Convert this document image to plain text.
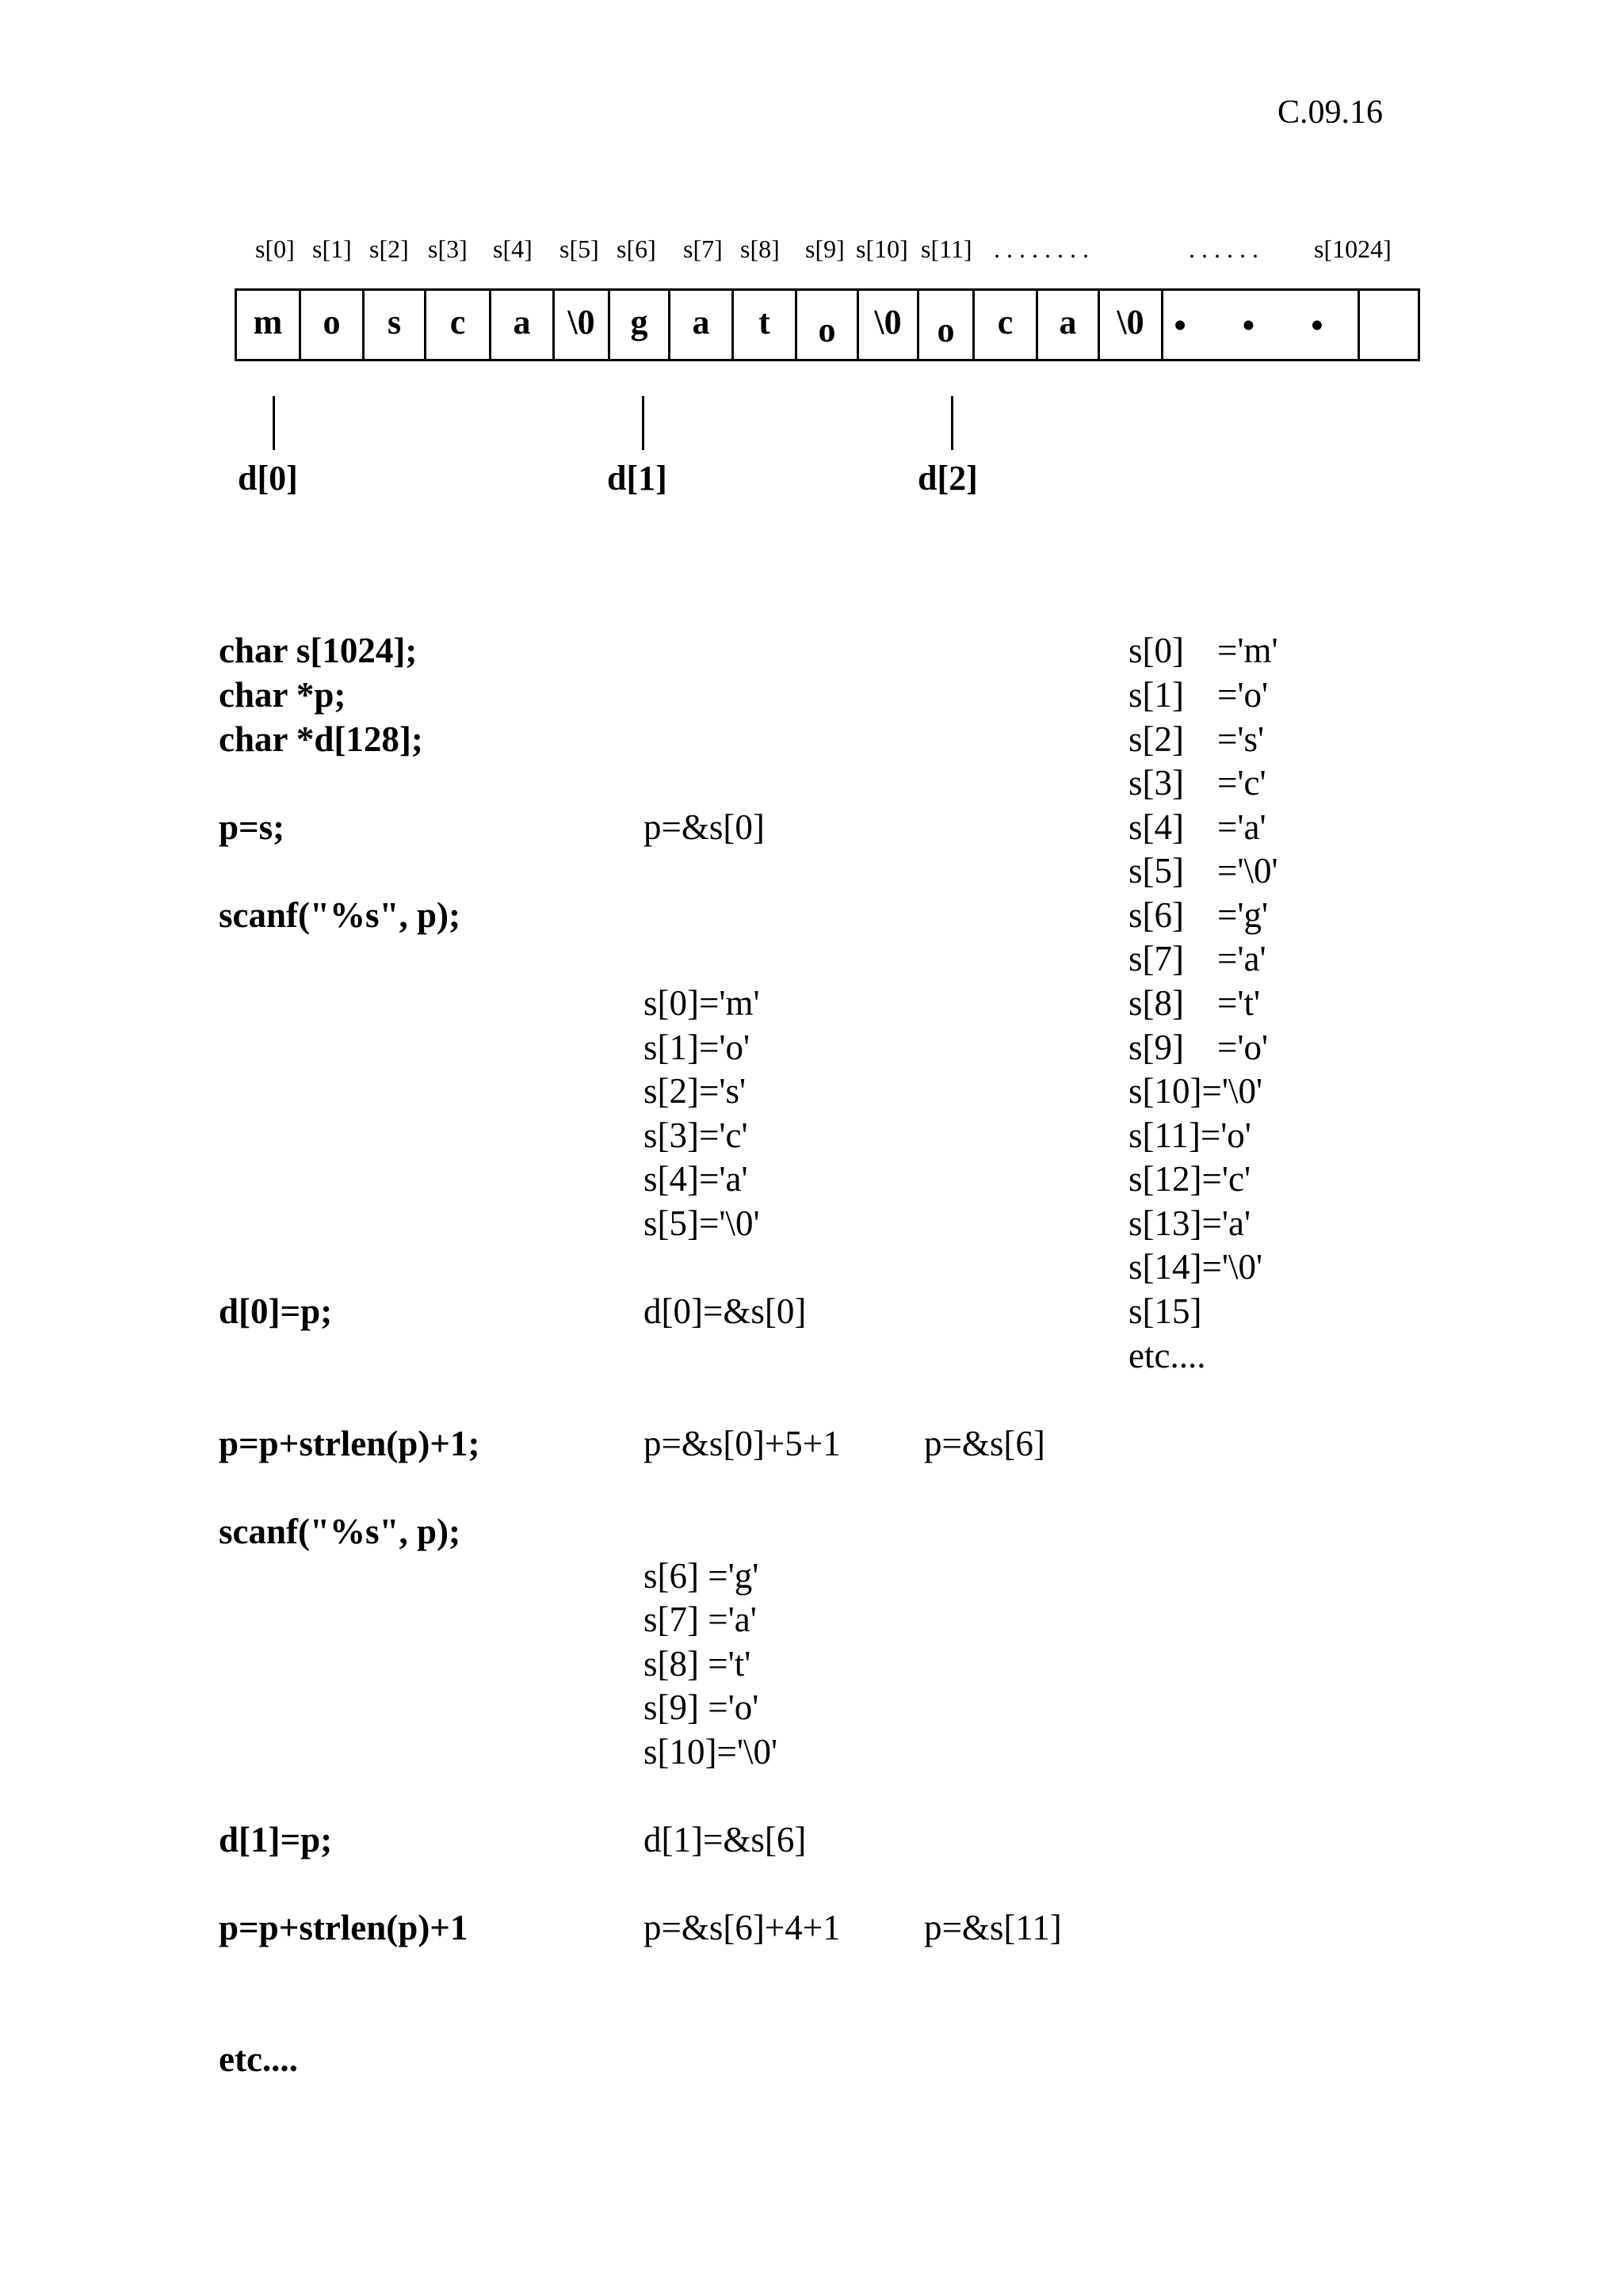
C.09.16
s[0] s[1] s[2] s[3] s[4] s[5] s[6] s[7] s[8] s[9] s[10] s[11] . . . . . . . .	. . . . . . s[1024]
m	o	s	c	a	\0	g	a	t	o	\0	o	c	a	\0 • • •
d[0]	d[1]	d[2]
char s[1024];
char *p;
char *d[128];
p=s;	p=&s[0]
scanf("%s", p);
s[0]='m'
s[1]='o'
s[2]='s'
s[3]='c'
s[4]='a'
s[5]='\0'
d[0]=p;	d[0]=&s[0]
p=p+strlen(p)+1;	p=&s[0]+5+1 p=&s[6]
scanf("%s", p);
s[6] ='g'
s[7] ='a'
s[8] ='t'
s[9] ='o'
s[10]='\0'
d[1]=p;	d[1]=&s[6]
p=p+strlen(p)+1	p=&s[6]+4+1 p=&s[11]
etc....
s[0] ='m'
s[1] ='o'
s[2] ='s'
s[3] ='c'
s[4] ='a'
s[5] ='\0'
s[6] ='g'
s[7] ='a'
s[8] ='t'
s[9] ='o'
s[10]='\0'
s[11]='o'
s[12]='c'
s[13]='a'
s[14]='\0'
s[15]
etc....
